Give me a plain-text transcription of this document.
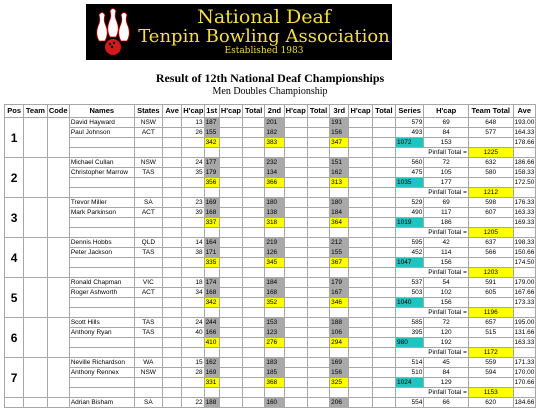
National Deaf
Tenpin Bowling Association
Established 1983
Result of 12th National Deaf Championships
Men Doubles Championship
Pos	Team	Code	Names	States	Ave	H'cap	1st	H'cap	Total	2nd	H'cap	Total	3rd	H'cap	Total	Series	H'cap	Team Total	Ave
1			David Hayward	NSW		13	187			201			191			579	69	648	193.00
			Paul Johnson	ACT		26	155			182			156			493	84	577	164.33
							342			383			347			1072	153		178.66
																Pinfall Total =		1225	
2			Michael Cullan	NSW		24	177			232			151			560	72	632	186.66
			Christopher Marrow	TAS		35	179			134			162			475	105	580	158.33
							356			366			313			1035	177		172.50
																Pinfall Total =		1212	
3			Trevor Miller	SA		23	169			180			180			529	69	598	176.33
			Mark Parkinson	ACT		39	168			138			184			490	117	607	163.33
							337			318			364			1019	186		169.33
																Pinfall Total =		1205	
4			Dennis Hobbs	QLD		14	164			219			212			595	42	637	198.33
			Peter Jackson	TAS		38	171			126			155			452	114	566	150.66
							335			345			367			1047	156		174.50
																Pinfall Total =		1203	
5			Ronald Chapman	VIC		18	174			184			179			537	54	591	179.00
			Roger Ashworth	ACT		34	168			168			167			503	102	605	167.66
							342			352			346			1040	156		173.33
																Pinfall Total =		1196	
6			Scott Hills	TAS		24	244			153			188			585	72	657	195.00
			Anthony Ryan	TAS		40	166			123			106			395	120	515	131.66
							410			276			294			980	192		163.33
																Pinfall Total =		1172	
7			Neville Richardson	WA		15	162			183			169			514	45	559	171.33
			Anthony Rennex	NSW		28	169			185			156			510	84	594	170.00
							331			368			325			1024	129		170.66
																Pinfall Total =		1153	
			Adrian Bisham	SA		22	188			160			206			554	66	620	184.66
